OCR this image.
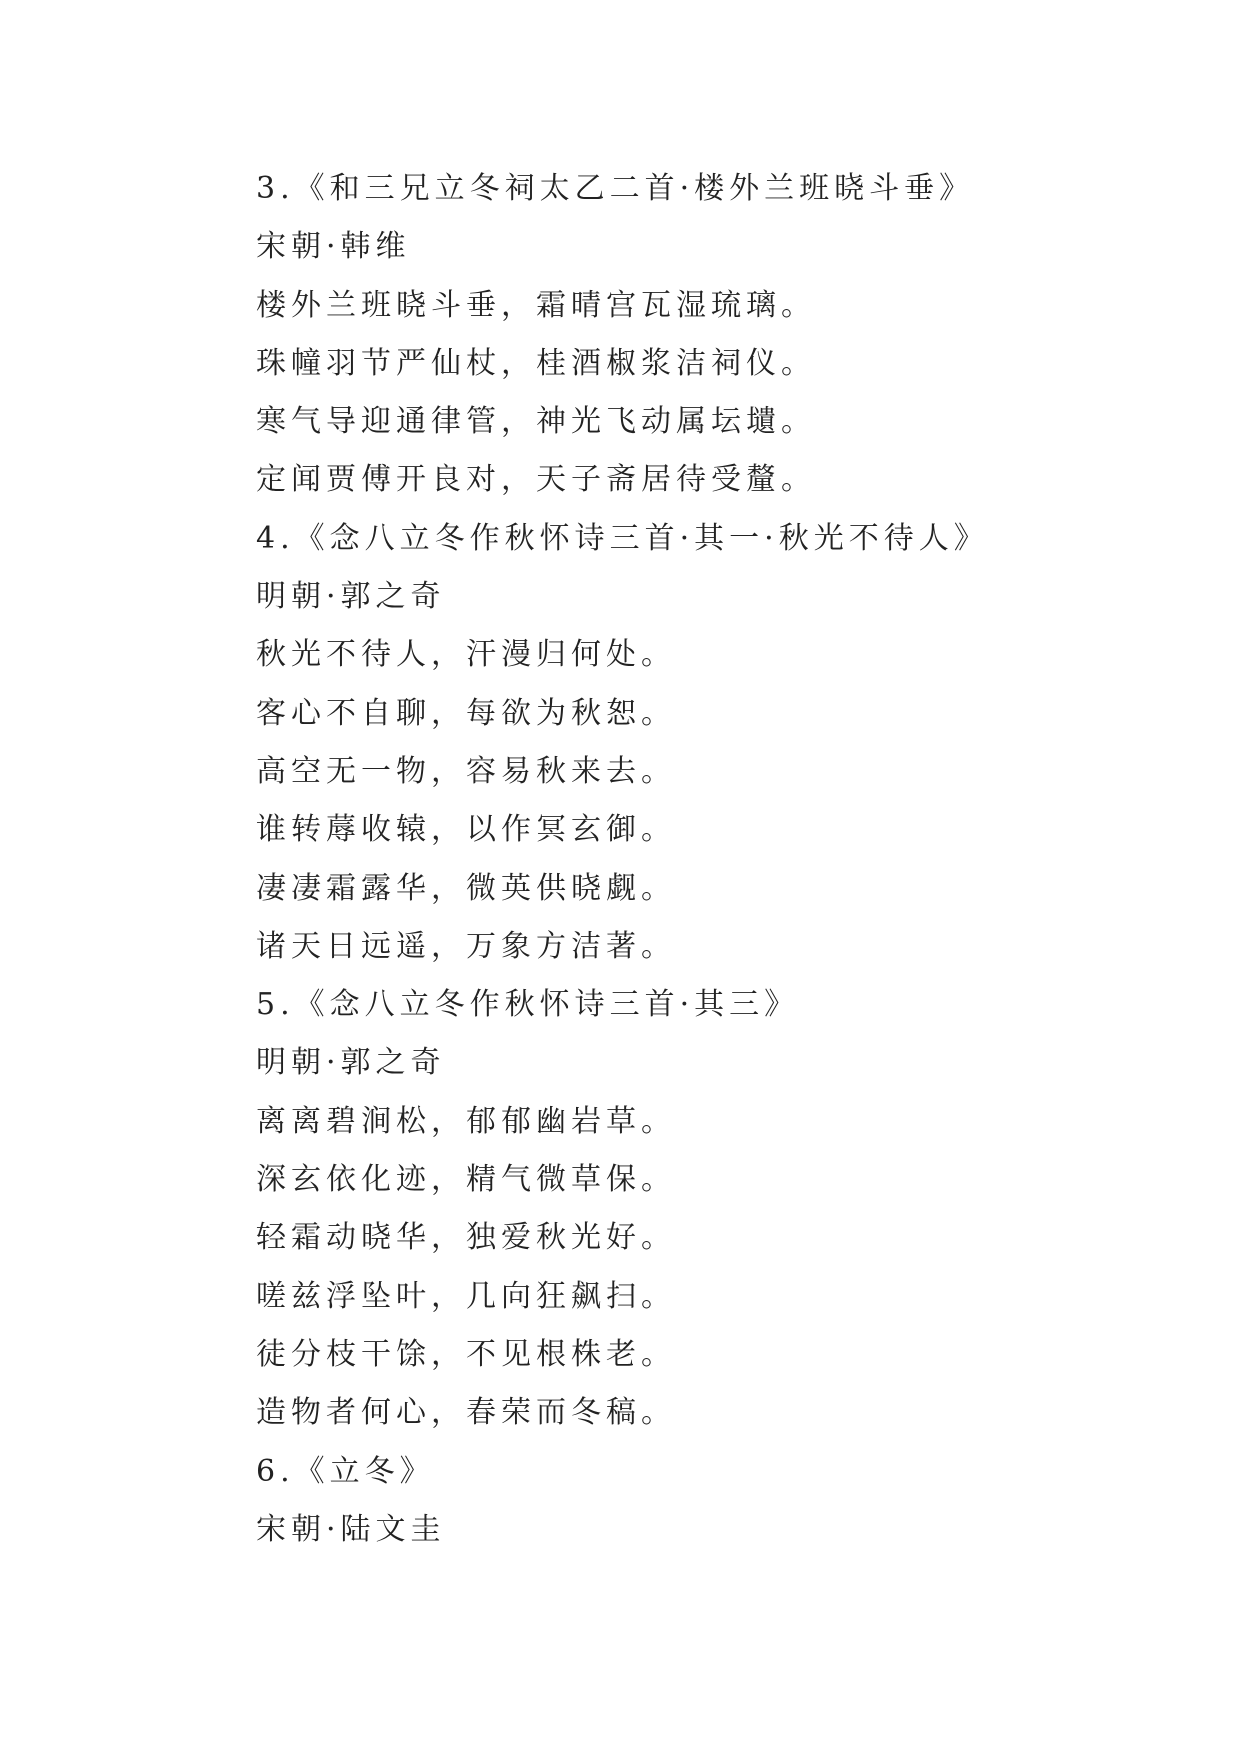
3.《和三兄立冬祠太乙二首·楼外兰班晓斗垂》
宋朝·韩维
楼外兰班晓斗垂，霜晴宫瓦湿琉璃。
珠幢羽节严仙杖，桂酒椒浆洁祠仪。
寒气导迎通律管，神光飞动属坛壝。
定闻贾傅开良对，天子斋居待受釐。
4.《念八立冬作秋怀诗三首·其一·秋光不待人》
明朝·郭之奇
秋光不待人，汗漫归何处。
客心不自聊，每欲为秋恕。
高空无一物，容易秋来去。
谁转蓐收辕，以作冥玄御。
凄凄霜露华，微英供晓觑。
诸天日远遥，万象方洁著。
5.《念八立冬作秋怀诗三首·其三》
明朝·郭之奇
离离碧涧松，郁郁幽岩草。
深玄依化迹，精气微草保。
轻霜动晓华，独爱秋光好。
嗟兹浮坠叶，几向狂飙扫。
徒分枝干馀，不见根株老。
造物者何心，春荣而冬稿。
6.《立冬》
宋朝·陆文圭
